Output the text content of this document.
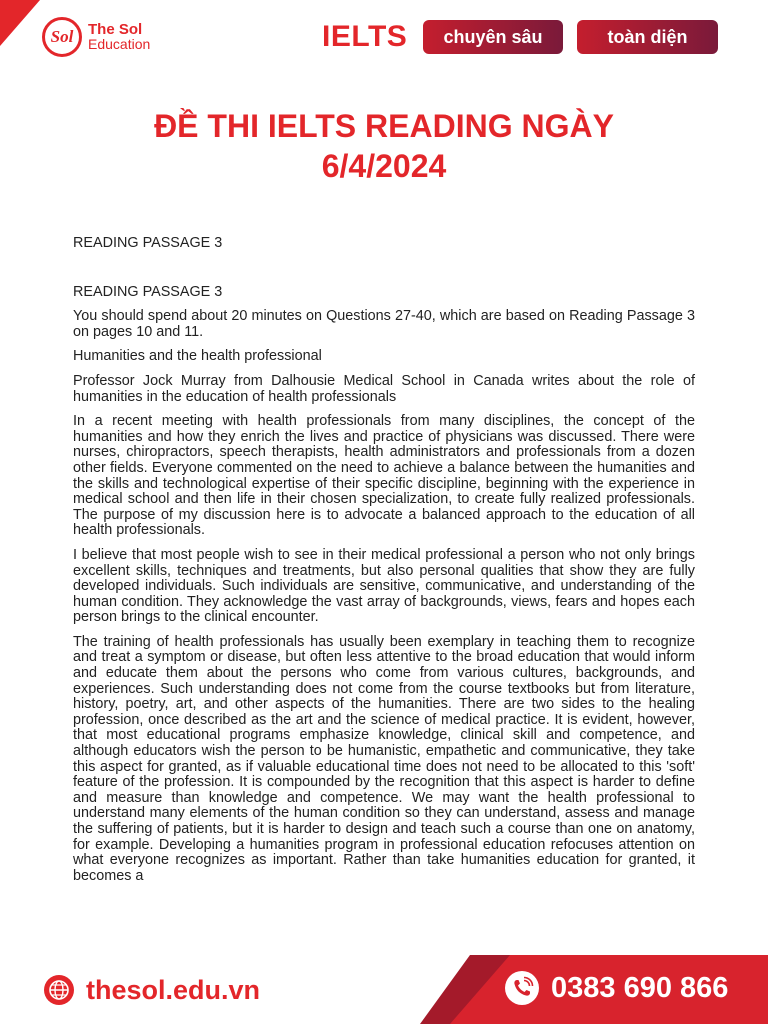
Sol The Sol
Education	IELTS	chuyên sâu	toàn diện
ĐỀ THI IELTS READING NGÀY
6/4/2024

READING PASSAGE 3

READING PASSAGE 3

You should spend about 20 minutes on Questions 27-40, which are based on Reading Passage 3 on pages 10 and 11.

Humanities and the health professional

Professor Jock Murray from Dalhousie Medical School in Canada writes about the role of humanities in the education of health professionals

In a recent meeting with health professionals from many disciplines, the concept of the humanities and how they enrich the lives and practice of physicians was discussed. There were nurses, chiropractors, speech therapists, health administrators and professionals from a dozen other fields. Everyone commented on the need to achieve a balance between the humanities and the skills and technological expertise of their specific discipline, beginning with the experience in medical school and then life in their chosen specialization, to create fully realized professionals. The purpose of my discussion here is to advocate a balanced approach to the education of all health professionals.

I believe that most people wish to see in their medical professional a person who not only brings excellent skills, techniques and treatments, but also personal qualities that show they are fully developed individuals. Such individuals are sensitive, communicative, and understanding of the human condition. They acknowledge the vast array of backgrounds, views, fears and hopes each person brings to the clinical encounter.

The training of health professionals has usually been exemplary in teaching them to recognize and treat a symptom or disease, but often less attentive to the broad education that would inform and educate them about the persons who come from various cultures, backgrounds, and experiences. Such understanding does not come from the course textbooks but from literature, history, poetry, art, and other aspects of the humanities. There are two sides to the healing profession, once described as the art and the science of medical practice. It is evident, however, that most educational programs emphasize knowledge, clinical skill and competence, and although educators wish the person to be humanistic, empathetic and communicative, they take this aspect for granted, as if valuable educational time does not need to be allocated to this 'soft' feature of the profession. It is compounded by the recognition that this aspect is harder to define and measure than knowledge and competence. We may want the health professional to understand many elements of the human condition so they can understand, assess and manage the suffering of patients, but it is harder to design and teach such a course than one on anatomy, for example. Developing a humanities program in professional education refocuses attention on what everyone recognizes as important. Rather than take humanities education for granted, it becomes a

thesol.edu.vn	0383 690 866
